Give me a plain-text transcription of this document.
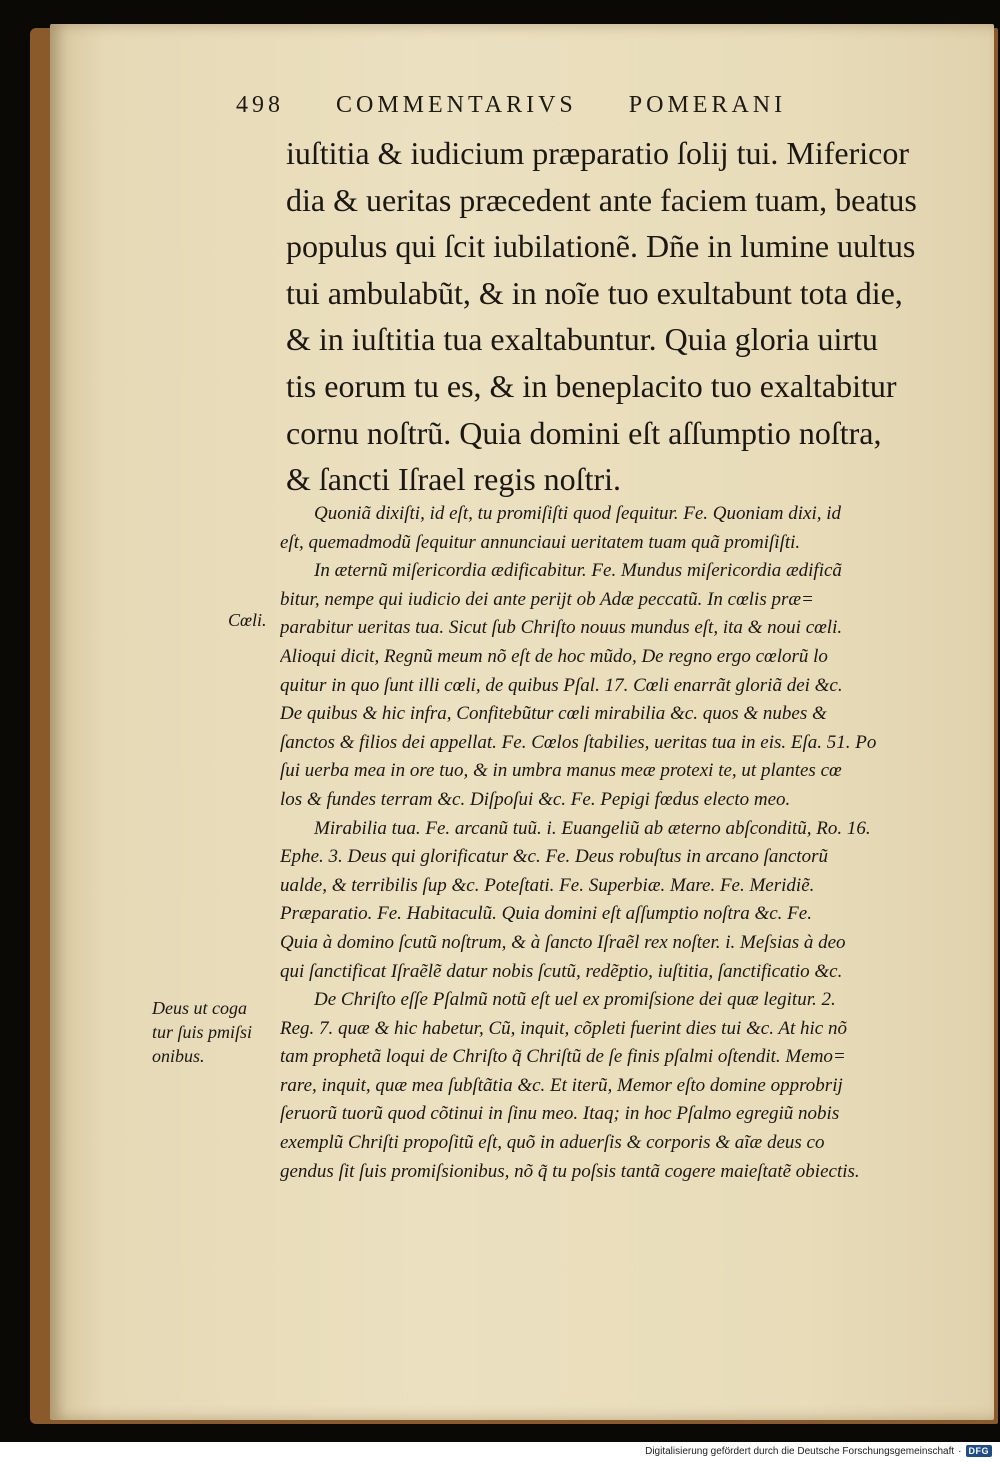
498 COMMENTARIVS POMERANI
iuſtitia & iudicium præparatio ſolij tui. Mifericor
dia & ueritas præcedent ante faciem tuam, beatus
populus qui ſcit iubilationẽ. Dñe in lumine uultus
tui ambulabũt, & in noĩe tuo exultabunt tota die,
& in iuſtitia tua exaltabuntur. Quia gloria uirtu
tis eorum tu es, & in beneplacito tuo exaltabitur
cornu noſtrũ. Quia domini eſt aſſumptio noſtra,
& ſancti Iſrael regis noſtri.
Quoniã dixiſti, id eſt, tu promiſiſti quod ſequitur. Fe. Quoniam dixi, id
eſt, quemadmodũ ſequitur annunciaui ueritatem tuam quã promiſiſti.
In æternũ miſericordia ædificabitur. Fe. Mundus miſericordia ædificã
bitur, nempe qui iudicio dei ante perijt ob Adæ peccatũ. In cœlis præ=
parabitur ueritas tua. Sicut ſub Chriſto nouus mundus eſt, ita & noui cœli.
Alioqui dicit, Regnũ meum nõ eſt de hoc mũdo, De regno ergo cœlorũ lo
quitur in quo ſunt illi cœli, de quibus Pſal. 17. Cœli enarrãt gloriã dei &c.
De quibus & hic infra, Confitebũtur cœli mirabilia &c. quos & nubes &
ſanctos & filios dei appellat. Fe. Cœlos ſtabilies, ueritas tua in eis. Eſa. 51. Po
ſui uerba mea in ore tuo, & in umbra manus meæ protexi te, ut plantes cœ
los & fundes terram &c. Diſpoſui &c. Fe. Pepigi fœdus electo meo.
Mirabilia tua. Fe. arcanũ tuũ. i. Euangeliũ ab æterno abſconditũ, Ro. 16.
Ephe. 3. Deus qui glorificatur &c. Fe. Deus robuſtus in arcano ſanctorũ
ualde, & terribilis ſup &c. Poteſtati. Fe. Superbiæ. Mare. Fe. Meridiẽ.
Præparatio. Fe. Habitaculũ. Quia domini eſt aſſumptio noſtra &c. Fe.
Quia à domino ſcutũ noſtrum, & à ſancto Iſraẽl rex noſter. i. Meſsias à deo
qui ſanctificat Iſraẽlẽ datur nobis ſcutũ, redẽptio, iuſtitia, ſanctificatio &c.
De Chriſto eſſe Pſalmũ notũ eſt uel ex promiſsione dei quæ legitur. 2.
Reg. 7. quæ & hic habetur, Cũ, inquit, cõpleti fuerint dies tui &c. At hic nõ
tam prophetã loqui de Chriſto q̃ Chriſtũ de ſe finis pſalmi oſtendit. Memo=
rare, inquit, quæ mea ſubſtãtia &c. Et iterũ, Memor eſto domine opprobrij
ſeruorũ tuorũ quod cõtinui in ſinu meo. Itaq; in hoc Pſalmo egregiũ nobis
exemplũ Chriſti propoſitũ eſt, quõ in aduerſis & corporis & aĩæ deus co
gendus ſit ſuis promiſsionibus, nõ q̃ tu poſsis tantã cogere maieſtatẽ obiectis.
Cœli.
Deus ut coga
tur ſuis pmiſsi
onibus.
Digitalisierung gefördert durch die Deutsche Forschungsgemeinschaft · DFG
